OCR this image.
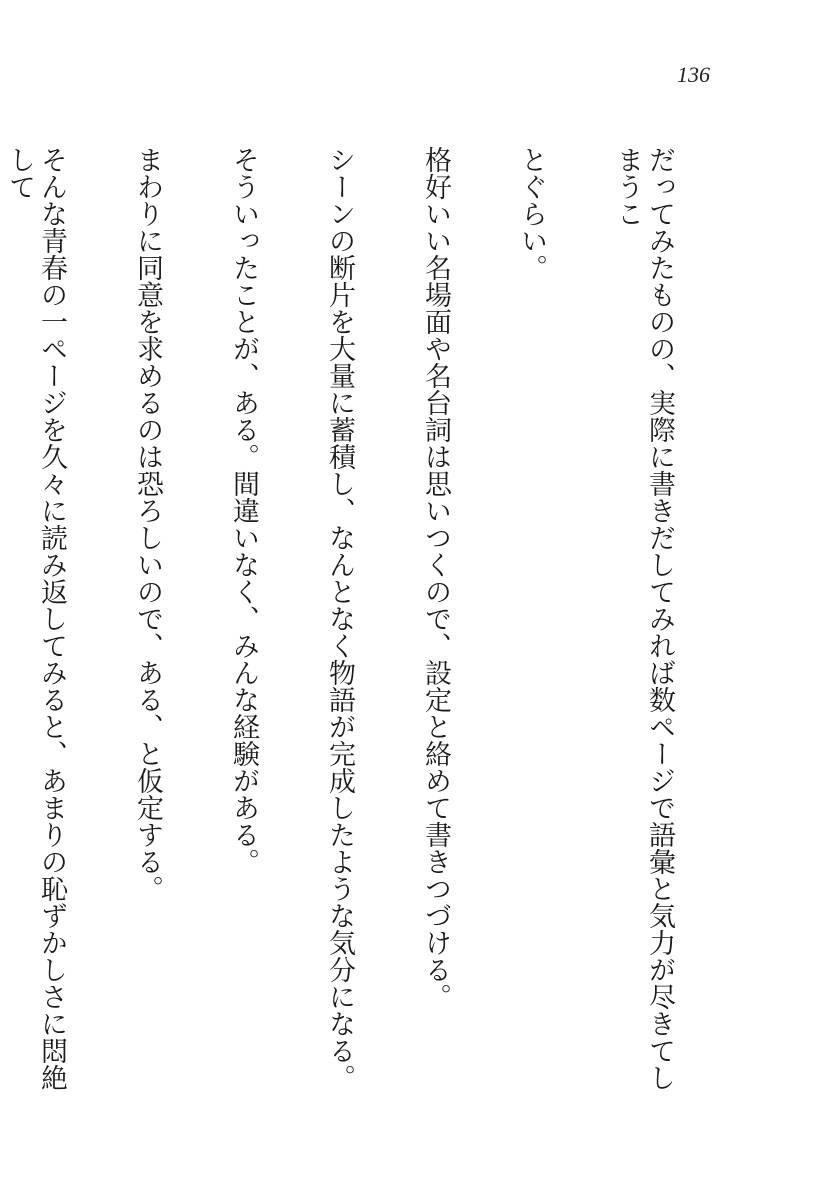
136

だってみたものの、実際に書きだしてみれば数ページで語彙と気力が尽きてしまうこ

とぐらい。

格好いい名場面や名台詞は思いつくので、設定と絡めて書きつづける。

シーンの断片を大量に蓄積し、なんとなく物語が完成したような気分になる。

そういったことが、ある。間違いなく、みんな経験がある。

まわりに同意を求めるのは恐ろしいので、ある、と仮定する。

そんな青春の一ページを久々に読み返してみると、あまりの恥ずかしさに悶絶して
